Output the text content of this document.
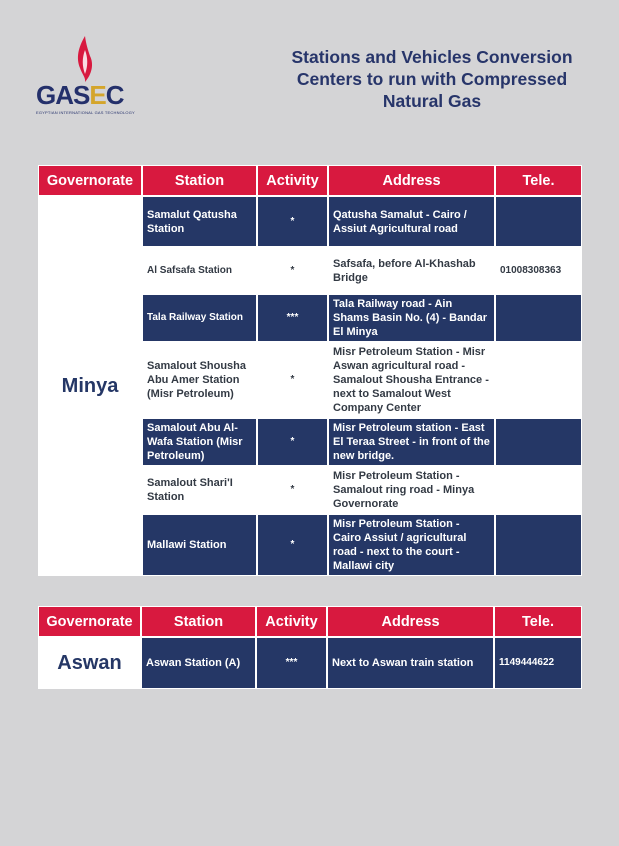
GASEC
EGYPTIAN INTERNATIONAL GAS TECHNOLOGY
Stations and Vehicles Conversion
Centers to run with Compressed
Natural Gas
Governorate	Station	Activity	Address	Tele.
Minya	Samalut Qatusha Station	*	Qatusha Samalut - Cairo / Assiut Agricultural road	
	Al Safsafa Station	*	Safsafa, before Al-Khashab Bridge	01008308363
	Tala Railway Station	***	Tala Railway road - Ain Shams Basin No. (4) - Bandar El Minya	
	Samalout Shousha Abu Amer Station (Misr Petroleum)	*	Misr Petroleum Station - Misr Aswan agricultural road - Samalout Shousha Entrance - next to Samalout West Company Center	
	Samalout Abu Al-Wafa Station (Misr Petroleum)	*	Misr Petroleum station - East El Teraa Street - in front of the new bridge.	
	Samalout Shari'I Station	*	Misr Petroleum Station - Samalout ring road - Minya Governorate	
	Mallawi Station	*	Misr Petroleum Station - Cairo Assiut / agricultural road - next to the court - Mallawi city	
Governorate	Station	Activity	Address	Tele.
Aswan	Aswan Station (A)	***	Next to Aswan train station	1149444622
